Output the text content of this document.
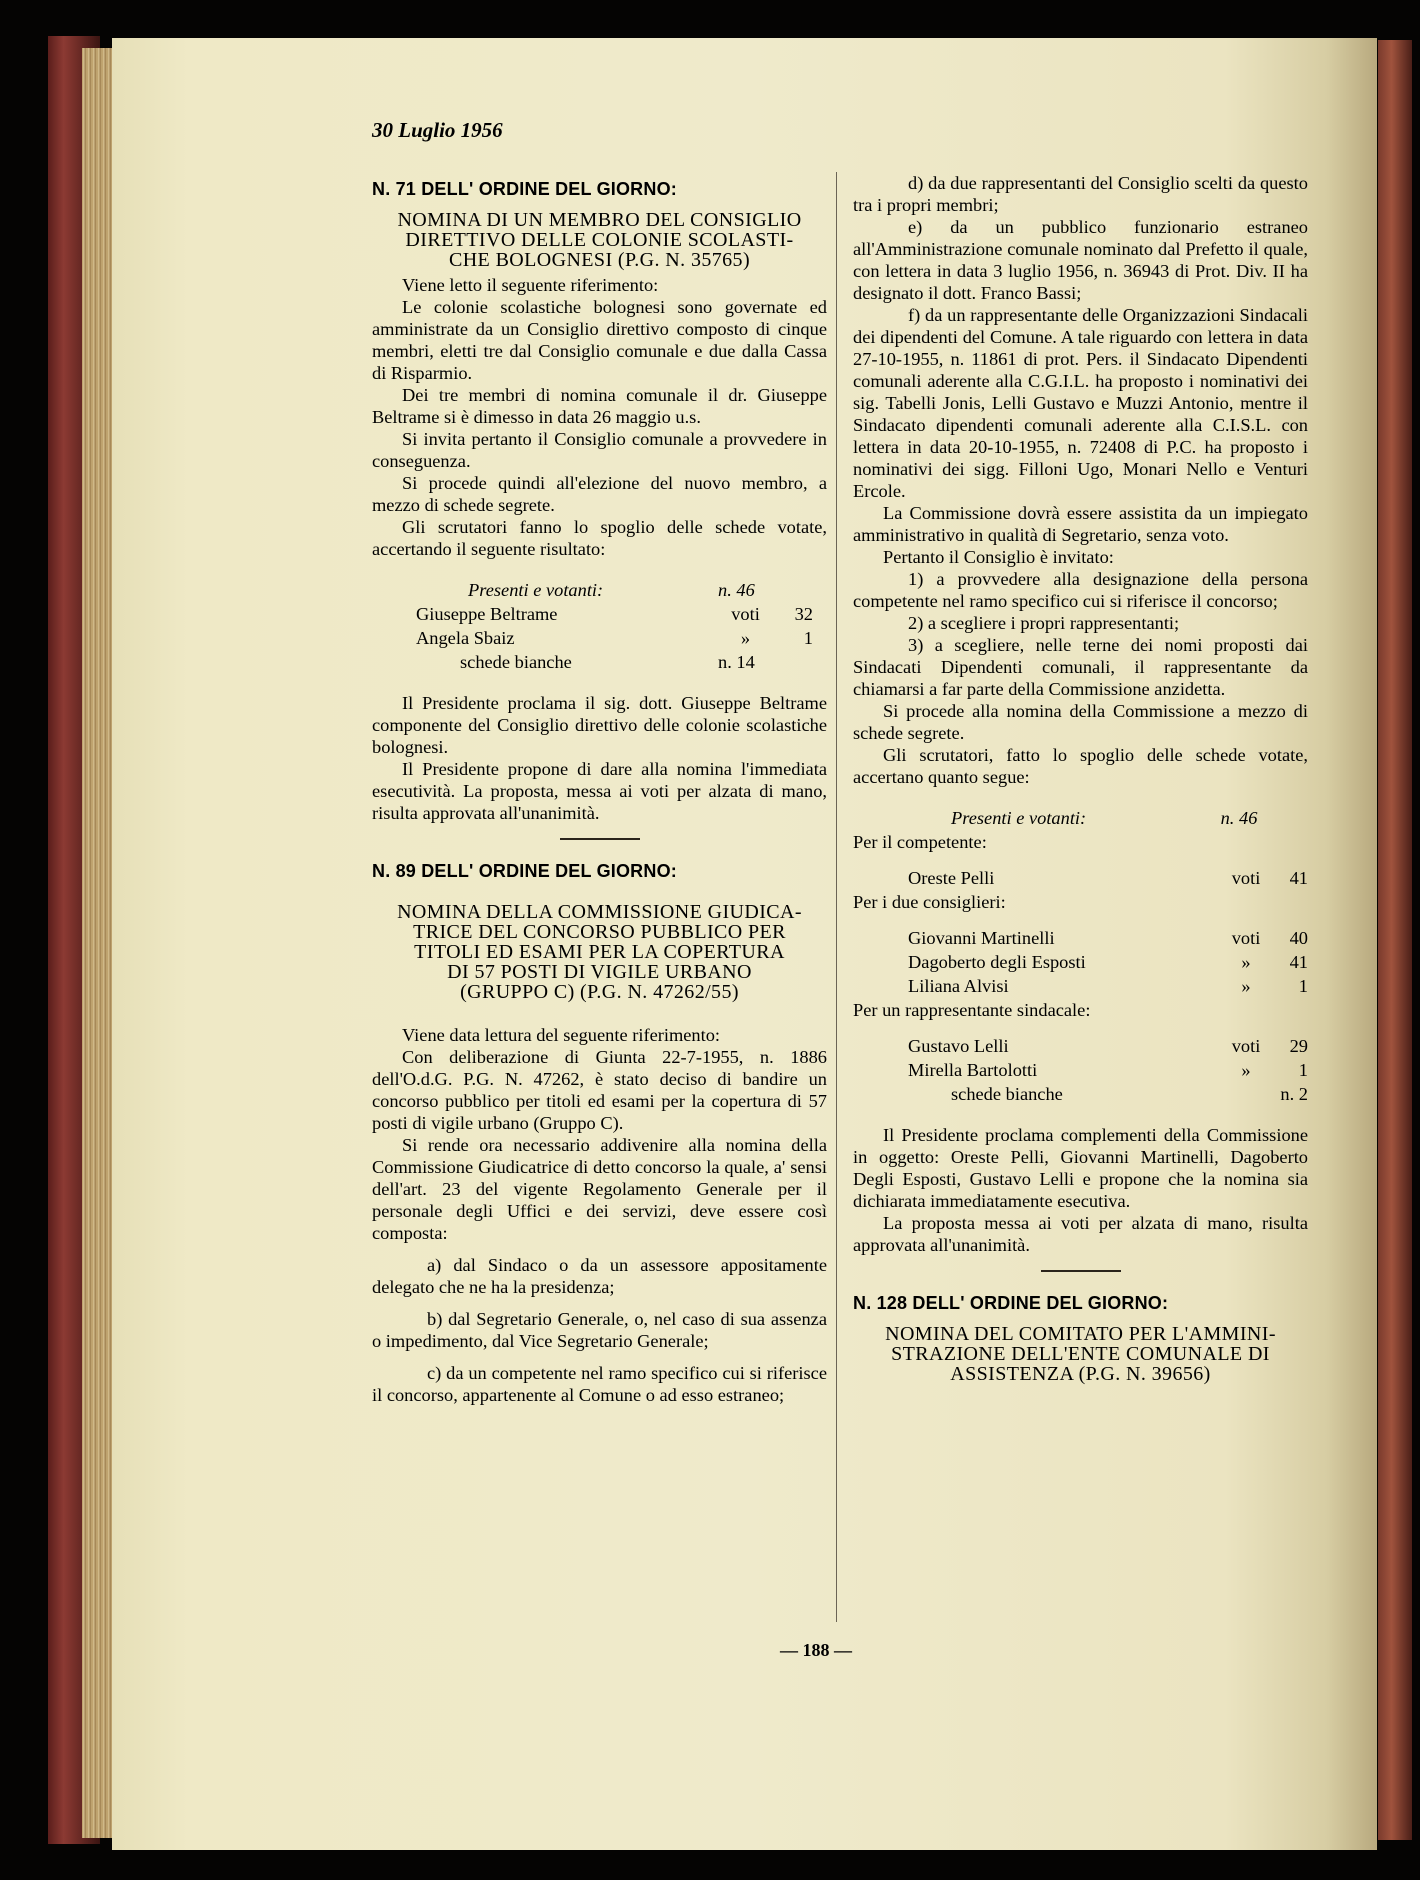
30 Luglio 1956
N. 71 DELL' ORDINE DEL GIORNO:
NOMINA DI UN MEMBRO DEL CONSIGLIO
DIRETTIVO DELLE COLONIE SCOLASTI-
CHE BOLOGNESI (P.G. N. 35765)

Viene letto il seguente riferimento:

Le colonie scolastiche bolognesi sono governate ed amministrate da un Consiglio direttivo composto di cinque membri, eletti tre dal Consiglio comunale e due dalla Cassa di Risparmio.

Dei tre membri di nomina comunale il dr. Giuseppe Beltrame si è dimesso in data 26 maggio u.s.

Si invita pertanto il Consiglio comunale a provvedere in conseguenza.

Si procede quindi all'elezione del nuovo membro, a mezzo di schede segrete.

Gli scrutatori fanno lo spoglio delle schede votate, accertando il seguente risultato:

Presenti e votanti:	n. 46	
Giuseppe Beltrame	voti	32
Angela Sbaiz	»	1
schede bianche	n. 14	

Il Presidente proclama il sig. dott. Giuseppe Beltrame componente del Consiglio direttivo delle colonie scolastiche bolognesi.

Il Presidente propone di dare alla nomina l'immediata esecutività. La proposta, messa ai voti per alzata di mano, risulta approvata all'unanimità.

N. 89 DELL' ORDINE DEL GIORNO:
NOMINA DELLA COMMISSIONE GIUDICA-
TRICE DEL CONCORSO PUBBLICO PER
TITOLI ED ESAMI PER LA COPERTURA
DI 57 POSTI DI VIGILE URBANO
(GRUPPO C) (P.G. N. 47262/55)

Viene data lettura del seguente riferimento:

Con deliberazione di Giunta 22-7-1955, n. 1886 dell'O.d.G. P.G. N. 47262, è stato deciso di bandire un concorso pubblico per titoli ed esami per la copertura di 57 posti di vigile urbano (Gruppo C).

Si rende ora necessario addivenire alla nomina della Commissione Giudicatrice di detto concorso la quale, a' sensi dell'art. 23 del vigente Regolamento Generale per il personale degli Uffici e dei servizi, deve essere così composta:

a) dal Sindaco o da un assessore appositamente delegato che ne ha la presidenza;

b) dal Segretario Generale, o, nel caso di sua assenza o impedimento, dal Vice Segretario Generale;

c) da un competente nel ramo specifico cui si riferisce il concorso, appartenente al Comune o ad esso estraneo;

d) da due rappresentanti del Consiglio scelti da questo tra i propri membri;

e) da un pubblico funzionario estraneo all'Amministrazione comunale nominato dal Prefetto il quale, con lettera in data 3 luglio 1956, n. 36943 di Prot. Div. II ha designato il dott. Franco Bassi;

f) da un rappresentante delle Organizzazioni Sindacali dei dipendenti del Comune. A tale riguardo con lettera in data 27-10-1955, n. 11861 di prot. Pers. il Sindacato Dipendenti comunali aderente alla C.G.I.L. ha proposto i nominativi dei sig. Tabelli Jonis, Lelli Gustavo e Muzzi Antonio, mentre il Sindacato dipendenti comunali aderente alla C.I.S.L. con lettera in data 20-10-1955, n. 72408 di P.C. ha proposto i nominativi dei sigg. Filloni Ugo, Monari Nello e Venturi Ercole.

La Commissione dovrà essere assistita da un impiegato amministrativo in qualità di Segretario, senza voto.

Pertanto il Consiglio è invitato:

1) a provvedere alla designazione della persona competente nel ramo specifico cui si riferisce il concorso;

2) a scegliere i propri rappresentanti;

3) a scegliere, nelle terne dei nomi proposti dai Sindacati Dipendenti comunali, il rappresentante da chiamarsi a far parte della Commissione anzidetta.

Si procede alla nomina della Commissione a mezzo di schede segrete.

Gli scrutatori, fatto lo spoglio delle schede votate, accertano quanto segue:

Presenti e votanti:	n. 46	
Per il competente:		

Oreste Pelli	voti	41
Per i due consiglieri:		

Giovanni Martinelli	voti	40
Dagoberto degli Esposti	»	41
Liliana Alvisi	»	1
Per un rappresentante sindacale:		

Gustavo Lelli	voti	29
Mirella Bartolotti	»	1
schede bianche	n. 2	

Il Presidente proclama complementi della Commissione in oggetto: Oreste Pelli, Giovanni Martinelli, Dagoberto Degli Esposti, Gustavo Lelli e propone che la nomina sia dichiarata immediatamente esecutiva.

La proposta messa ai voti per alzata di mano, risulta approvata all'unanimità.

N. 128 DELL' ORDINE DEL GIORNO:
NOMINA DEL COMITATO PER L'AMMINI-
STRAZIONE DELL'ENTE COMUNALE DI
ASSISTENZA (P.G. N. 39656)
— 188 —
